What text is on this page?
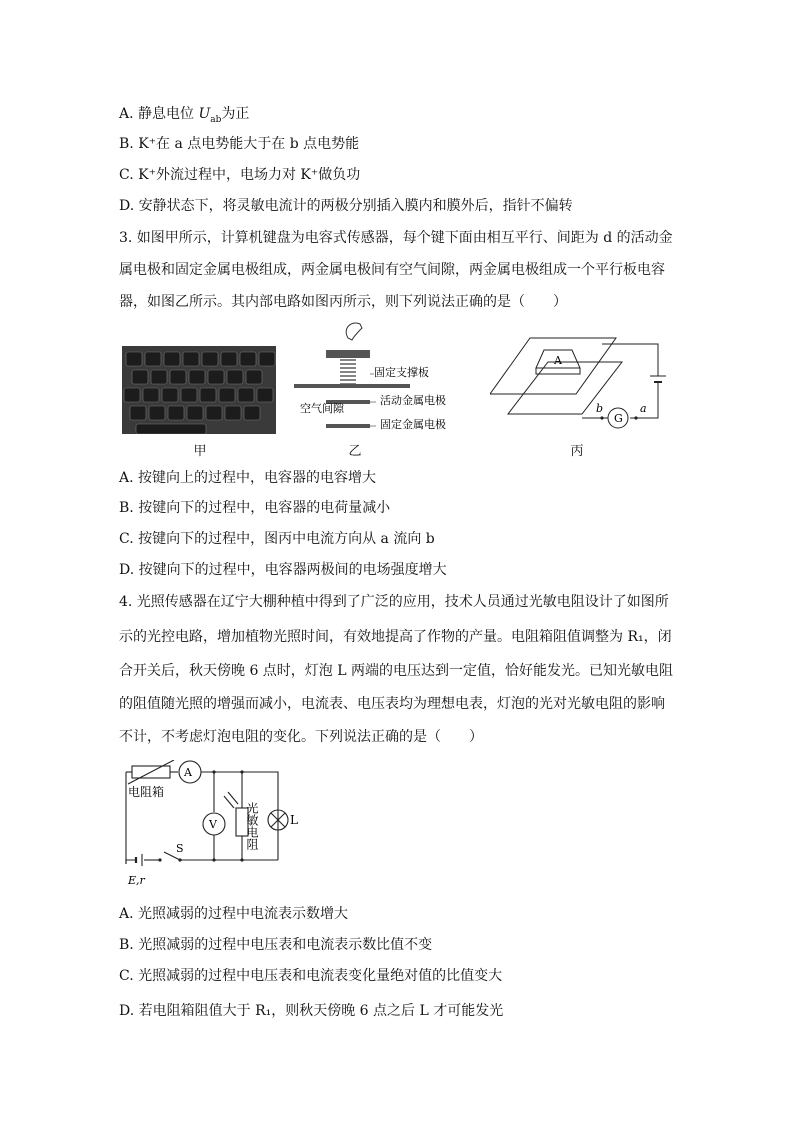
A. 静息电位 $U_{ab}$为正
B. K⁺在 a 点电势能大于在 b 点电势能
C. K⁺外流过程中，电场力对 K⁺做负功
D. 安静状态下，将灵敏电流计的两极分别插入膜内和膜外后，指针不偏转
3. 如图甲所示，计算机键盘为电容式传感器，每个键下面由相互平行、间距为 d 的活动金
属电极和固定金属电极组成，两金属电极间有空气间隙，两金属电极组成一个平行板电容
器，如图乙所示。其内部电路如图丙所示，则下列说法正确的是（　　）
甲
固定支撑板
活动金属电极
空气间隙
固定金属电极
乙
A
G
b	a
丙
A. 按键向上的过程中，电容器的电容增大
B. 按键向下的过程中，电容器的电荷量减小
C. 按键向下的过程中，图丙中电流方向从 a 流向 b
D. 按键向下的过程中，电容器两极间的电场强度增大
4. 光照传感器在辽宁大棚种植中得到了广泛的应用，技术人员通过光敏电阻设计了如图所
示的光控电路，增加植物光照时间，有效地提高了作物的产量。电阻箱阻值调整为 R₁，闭
合开关后，秋天傍晚 6 点时，灯泡 L 两端的电压达到一定值，恰好能发光。已知光敏电阻
的阻值随光照的增强而减小，电流表、电压表均为理想电表，灯泡的光对光敏电阻的影响
不计，不考虑灯泡电阻的变化。下列说法正确的是（　　）
A
V	L
S
E,r
电阻箱
光敏电阻
A. 光照减弱的过程中电流表示数增大
B. 光照减弱的过程中电压表和电流表示数比值不变
C. 光照减弱的过程中电压表和电流表变化量绝对值的比值变大
D. 若电阻箱阻值大于 R₁，则秋天傍晚 6 点之后 L 才可能发光
